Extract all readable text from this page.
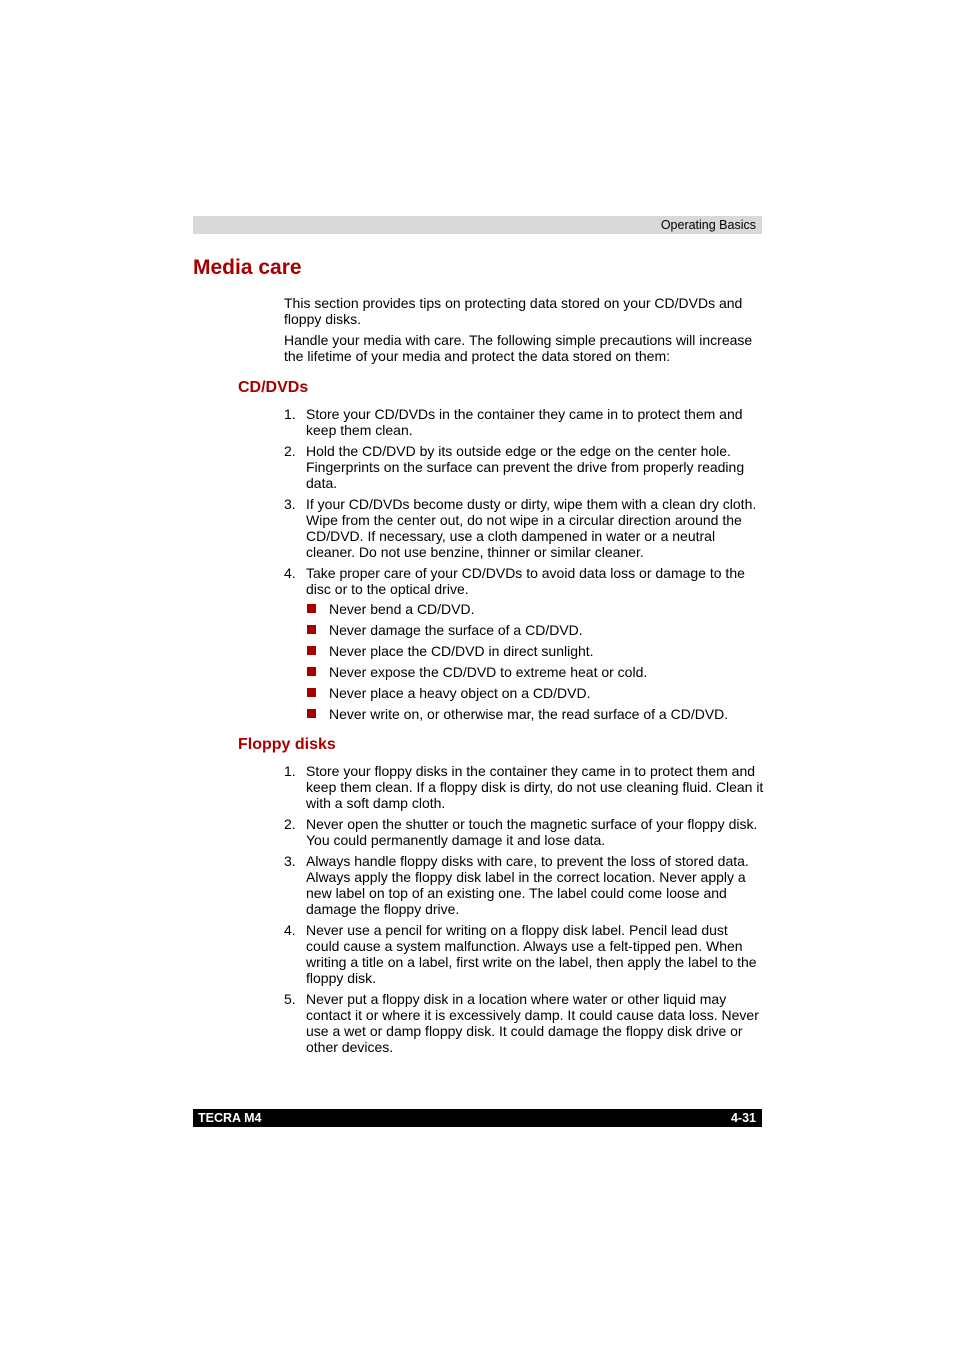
Operating Basics
Media care

This section provides tips on protecting data stored on your CD/DVDs and floppy disks.

Handle your media with care. The following simple precautions will increase the lifetime of your media and protect the data stored on them:

CD/DVDs
1. Store your CD/DVDs in the container they came in to protect them and keep them clean.
2. Hold the CD/DVD by its outside edge or the edge on the center hole. Fingerprints on the surface can prevent the drive from properly reading data.
3. If your CD/DVDs become dusty or dirty, wipe them with a clean dry cloth. Wipe from the center out, do not wipe in a circular direction around the CD/DVD. If necessary, use a cloth dampened in water or a neutral cleaner. Do not use benzine, thinner or similar cleaner.
4. Take proper care of your CD/DVDs to avoid data loss or damage to the disc or to the optical drive.
Never bend a CD/DVD.
Never damage the surface of a CD/DVD.
Never place the CD/DVD in direct sunlight.
Never expose the CD/DVD to extreme heat or cold.
Never place a heavy object on a CD/DVD.
Never write on, or otherwise mar, the read surface of a CD/DVD.
Floppy disks
1. Store your floppy disks in the container they came in to protect them and keep them clean. If a floppy disk is dirty, do not use cleaning fluid. Clean it with a soft damp cloth.
2. Never open the shutter or touch the magnetic surface of your floppy disk. You could permanently damage it and lose data.
3. Always handle floppy disks with care, to prevent the loss of stored data. Always apply the floppy disk label in the correct location. Never apply a new label on top of an existing one. The label could come loose and damage the floppy drive.
4. Never use a pencil for writing on a floppy disk label. Pencil lead dust could cause a system malfunction. Always use a felt-tipped pen. When writing a title on a label, first write on the label, then apply the label to the floppy disk.
5. Never put a floppy disk in a location where water or other liquid may contact it or where it is excessively damp. It could cause data loss. Never use a wet or damp floppy disk. It could damage the floppy disk drive or other devices.
TECRA M4	4-31
